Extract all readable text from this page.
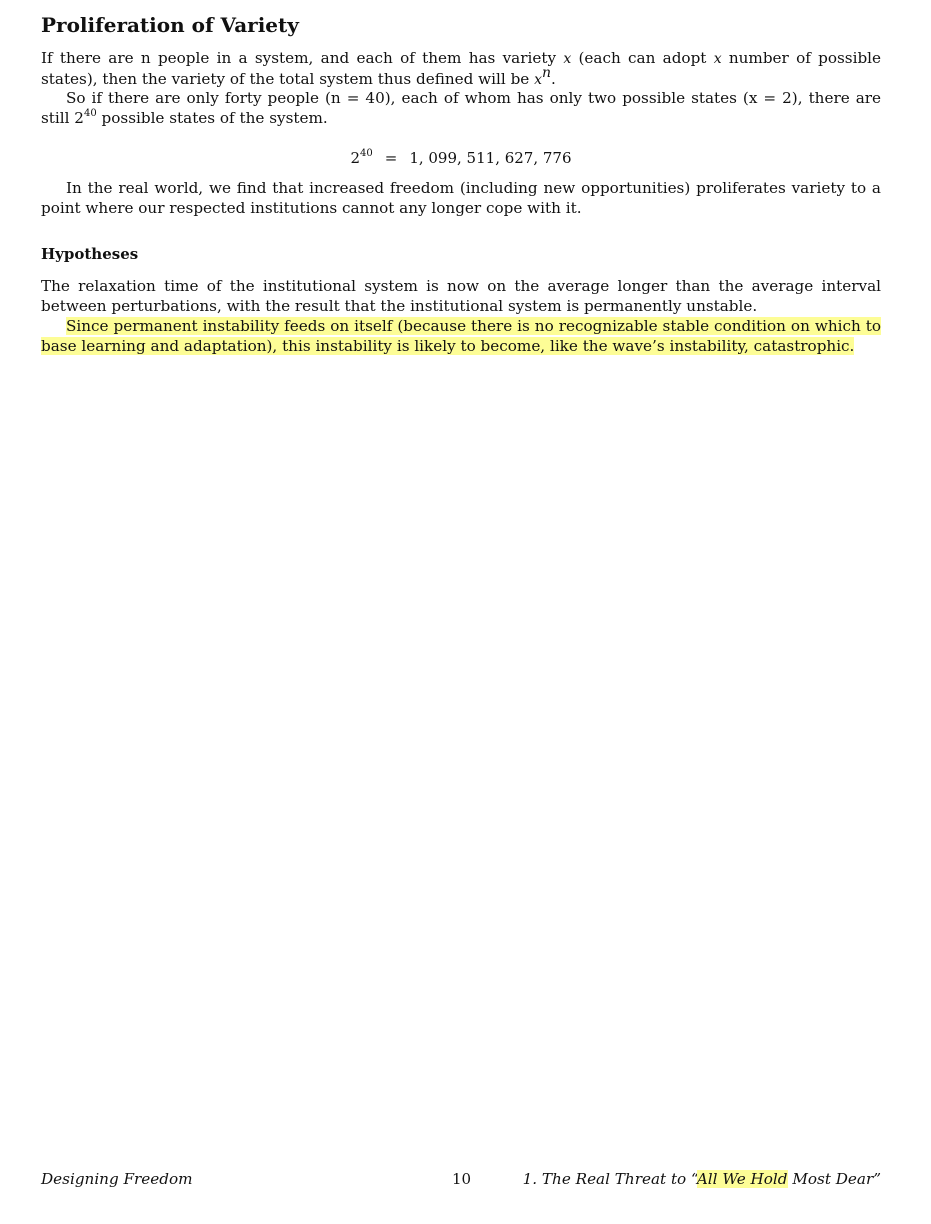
Proliferation of Variety

If there are n people in a system, and each of them has variety x (each can adopt x number of possible states), then the variety of the total system thus defined will be $x^n$.

So if there are only forty people (n = 40), each of whom has only two possible states (x = 2), there are still $2^{40}$ possible states of the system.

$2^{40} = 1$, 099, 511, 627, 776

In the real world, we find that increased freedom (including new opportunities) proliferates variety to a point where our respected institutions cannot any longer cope with it.

Hypotheses

The relaxation time of the institutional system is now on the average longer than the average interval between perturbations, with the result that the institutional system is permanently unstable.

Since permanent instability feeds on itself (because there is no recognizable stable condition on which to base learning and adaptation), this instability is likely to become, like the wave’s instability, catastrophic.

Designing Freedom	10	1. The Real Threat to “All We Hold Most Dear”
